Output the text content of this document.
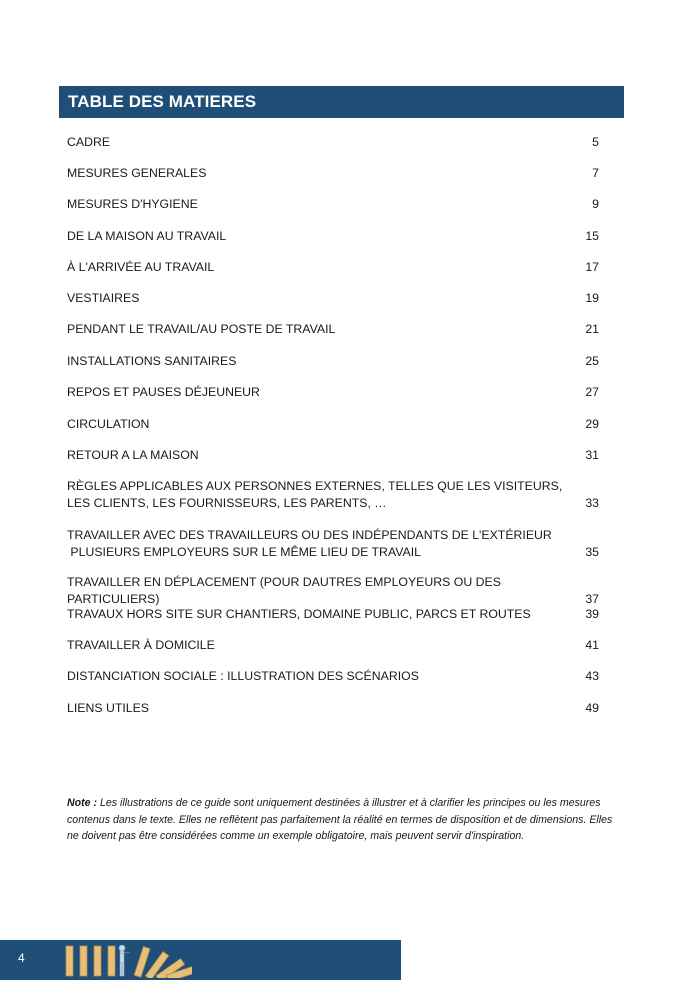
TABLE DES MATIERES
CADRE	5
MESURES GENERALES	7
MESURES D'HYGIENE	9
DE LA MAISON AU TRAVAIL	15
À L'ARRIVÉE AU TRAVAIL	17
VESTIAIRES	19
PENDANT LE TRAVAIL/AU POSTE DE TRAVAIL	21
INSTALLATIONS SANITAIRES	25
REPOS ET PAUSES DÉJEUNEUR	27
CIRCULATION	29
RETOUR A LA MAISON	31
RÈGLES APPLICABLES AUX PERSONNES EXTERNES, TELLES QUE LES VISITEURS,
LES CLIENTS, LES FOURNISSEURS, LES PARENTS, …	33
TRAVAILLER AVEC DES TRAVAILLEURS OU DES INDÉPENDANTS DE L'EXTÉRIEUR
PLUSIEURS EMPLOYEURS SUR LE MÊME LIEU DE TRAVAIL	35
TRAVAILLER EN DÉPLACEMENT (POUR DAUTRES EMPLOYEURS OU DES PARTICULIERS)	37
TRAVAUX HORS SITE SUR CHANTIERS, DOMAINE PUBLIC, PARCS ET ROUTES	39
TRAVAILLER À DOMICILE	41
DISTANCIATION SOCIALE : ILLUSTRATION DES SCÉNARIOS	43
LIENS UTILES	49
Note : Les illustrations de ce guide sont uniquement destinées à illustrer et à clarifier les principes ou les mesures contenus dans le texte. Elles ne reflètent pas parfaitement la réalité en termes de disposition et de dimensions. Elles ne doivent pas être considérées comme un exemple obligatoire, mais peuvent servir d'inspiration.
4
